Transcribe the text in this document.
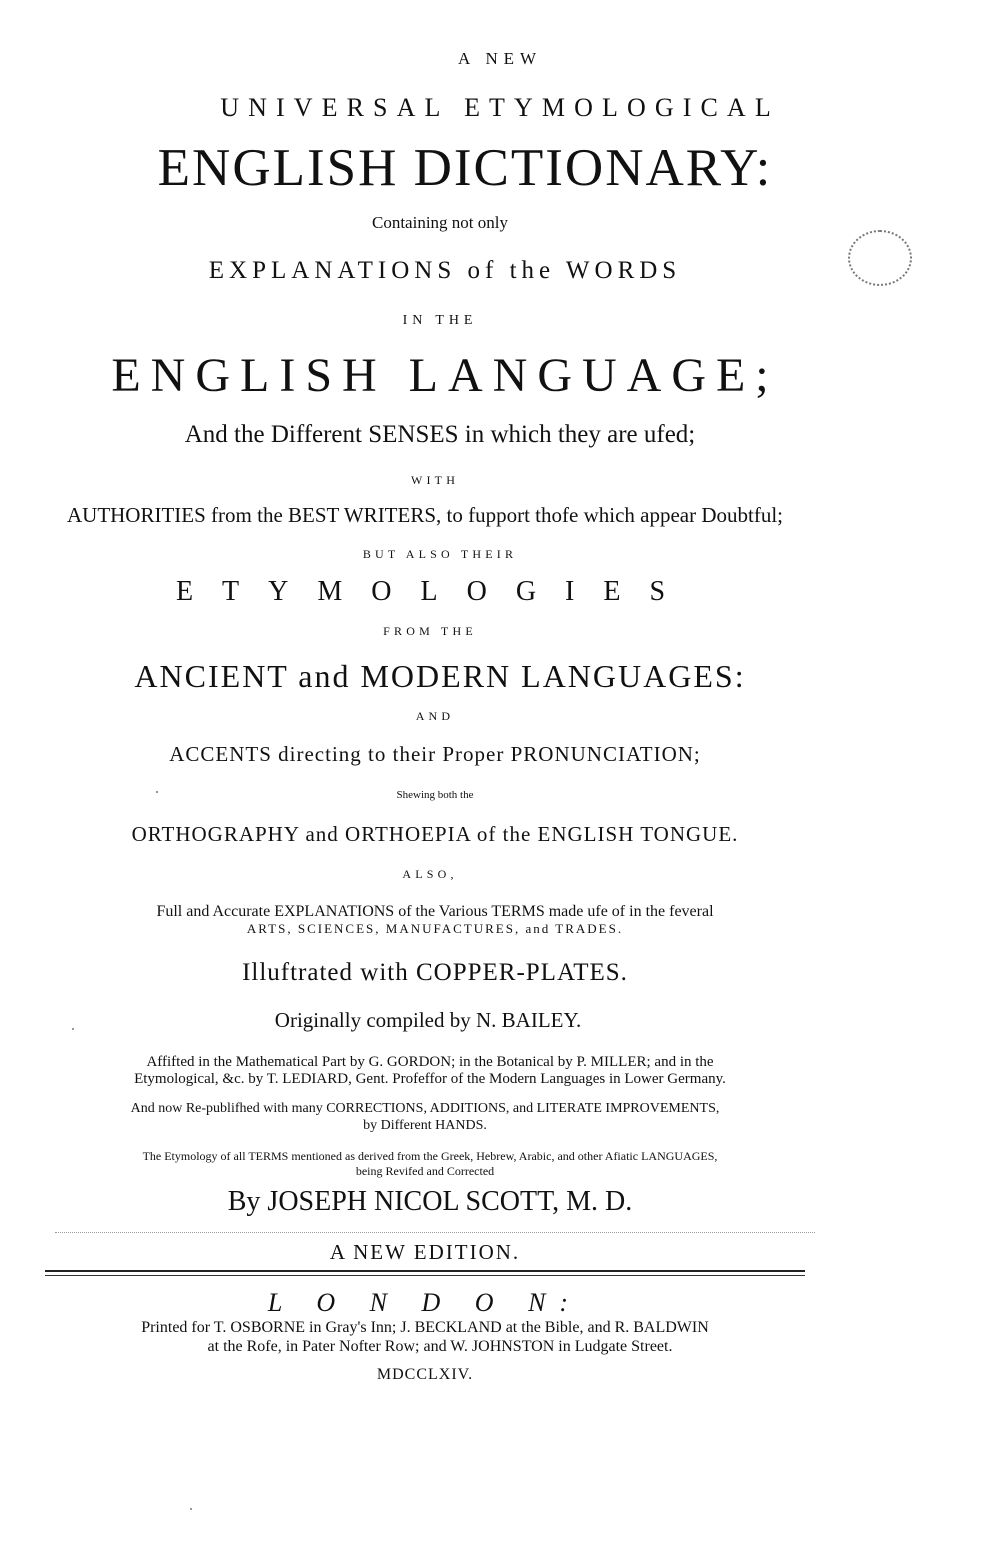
A NEW
UNIVERSAL ETYMOLOGICAL
ENGLISH DICTIONARY:
Containing not only
EXPLANATIONS of the WORDS
IN THE
ENGLISH LANGUAGE;
And the Different SENSES in which they are ufed;
WITH
AUTHORITIES from the BEST WRITERS, to fupport thofe which appear Doubtful;
BUT ALSO THEIR
ETYMOLOGIES
FROM THE
ANCIENT and MODERN LANGUAGES:
AND
ACCENTS directing to their Proper PRONUNCIATION;
Shewing both the
ORTHOGRAPHY and ORTHOEPIA of the ENGLISH TONGUE.
ALSO,
Full and Accurate EXPLANATIONS of the Various TERMS made ufe of in the feveral
ARTS, SCIENCES, MANUFACTURES, and TRADES.
Illuftrated with COPPER-PLATES.
Originally compiled by N. BAILEY.
Affifted in the Mathematical Part by G. GORDON; in the Botanical by P. MILLER; and in the
Etymological, &c. by T. LEDIARD, Gent. Profeffor of the Modern Languages in Lower Germany.
And now Re-publifhed with many CORRECTIONS, ADDITIONS, and LITERATE IMPROVEMENTS,
by Different HANDS.
The Etymology of all TERMS mentioned as derived from the Greek, Hebrew, Arabic, and other Afiatic LANGUAGES,
being Revifed and Corrected
By JOSEPH NICOL SCOTT, M. D.
A NEW EDITION.
L O N D O N:
Printed for T. OSBORNE in Gray's Inn; J. BECKLAND at the Bible, and R. BALDWIN
at the Rofe, in Pater Nofter Row; and W. JOHNSTON in Ludgate Street.
MDCCLXIV.
